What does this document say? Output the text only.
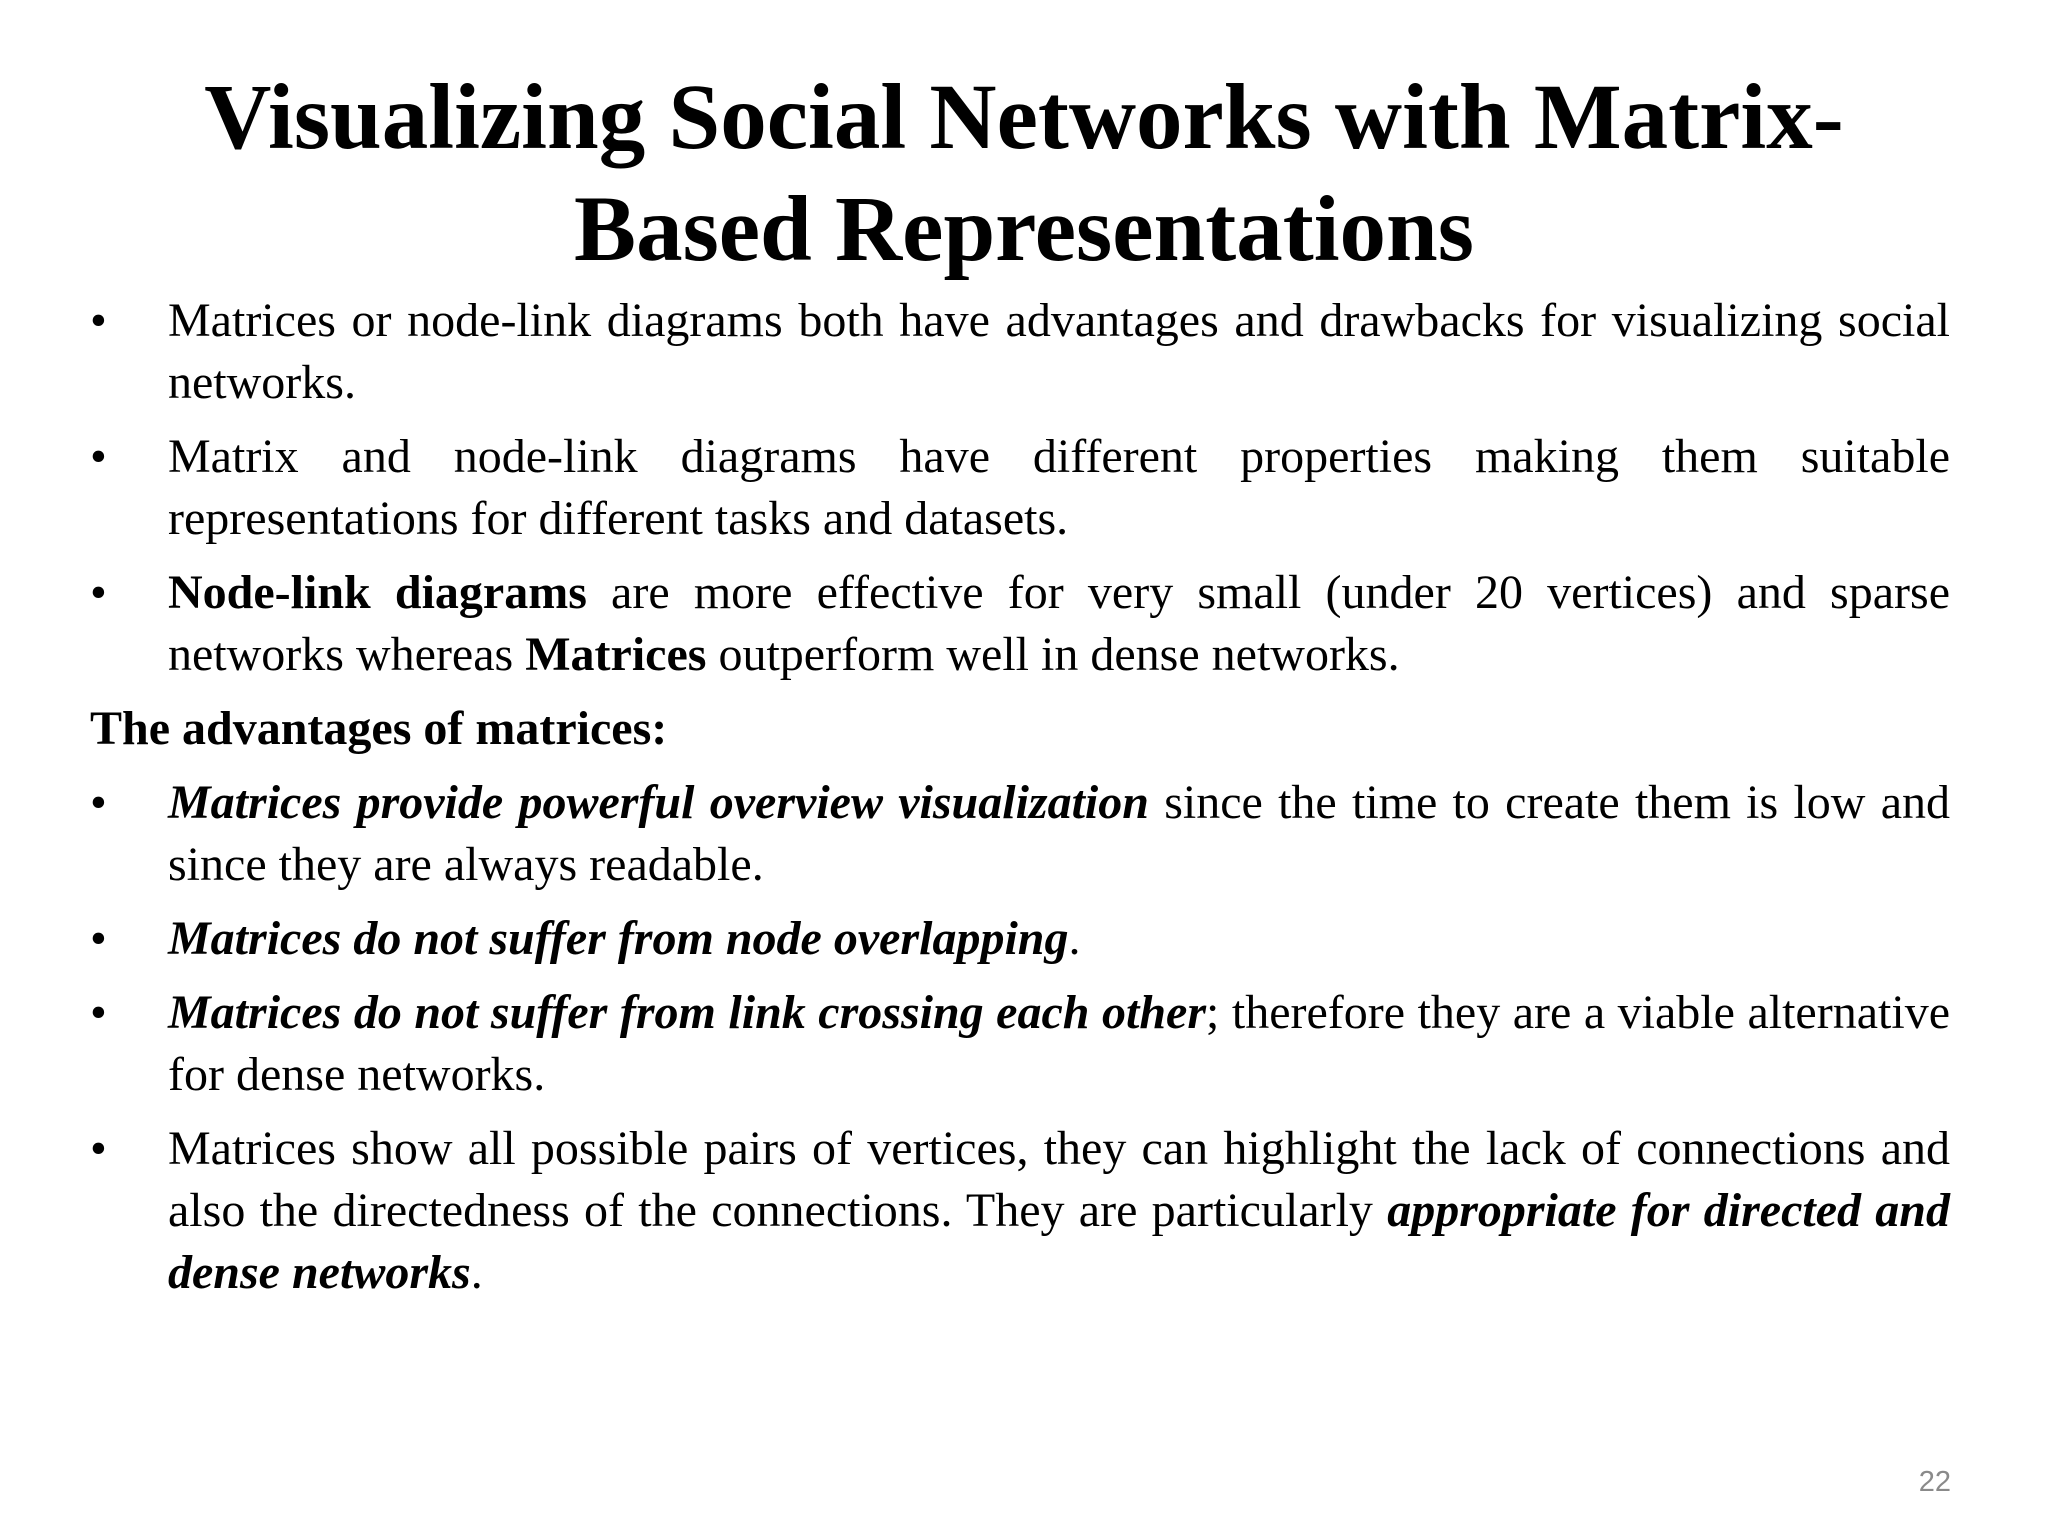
Visualizing Social Networks with Matrix-
Based Representations
• Matrices or node-link diagrams both have advantages and drawbacks for visualizing social networks.
• Matrix and node-link diagrams have different properties making them suitable representations for different tasks and datasets.
• Node-link diagrams are more effective for very small (under 20 vertices) and sparse networks whereas Matrices outperform well in dense networks.
The advantages of matrices:
• Matrices provide powerful overview visualization since the time to create them is low and since they are always readable.
• Matrices do not suffer from node overlapping.
• Matrices do not suffer from link crossing each other; therefore they are a viable alternative for dense networks.
• Matrices show all possible pairs of vertices, they can highlight the lack of connections and also the directedness of the connections. They are particularly appropriate for directed and dense networks.
22
